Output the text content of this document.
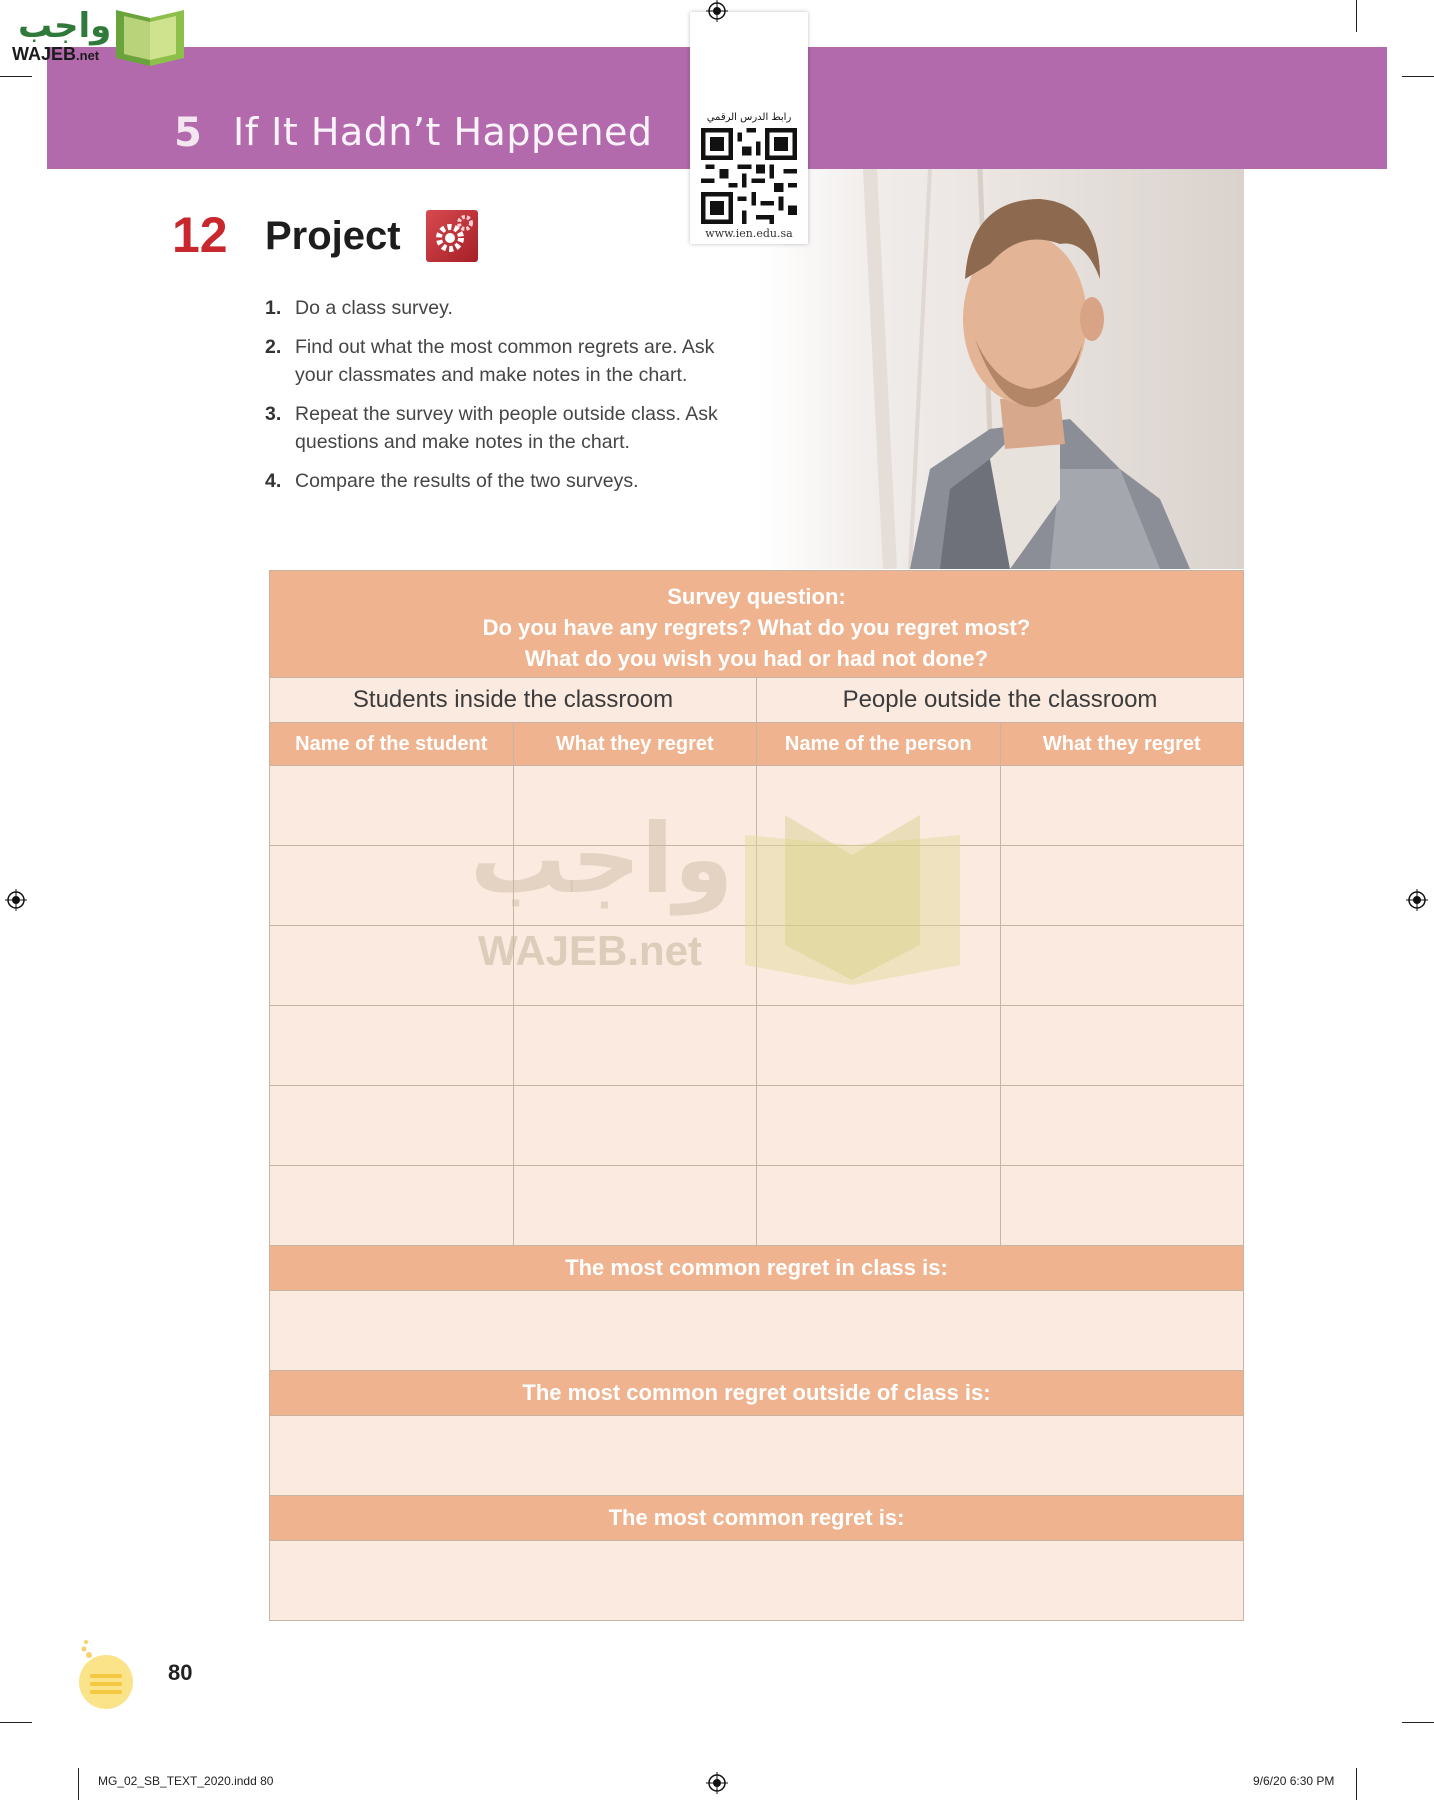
5 If It Hadn’t Happened
واجب
WAJEB.net
رابط الدرس الرقمي
www.ien.edu.sa
12 Project
1. Do a class survey.
2. Find out what the most common regrets are. Ask your classmates and make notes in the chart.
3. Repeat the survey with people outside class. Ask questions and make notes in the chart.
4. Compare the results of the two surveys.
Survey question:
Do you have any regrets? What do you regret most?
What do you wish you had or had not done?
Students inside the classroom	People outside the classroom
Name of the student	What they regret	Name of the person	What they regret
The most common regret in class is:
The most common regret outside of class is:
The most common regret is:
واجب
WAJEB.net
80
MG_02_SB_TEXT_2020.indd 80	9/6/20 6:30 PM
